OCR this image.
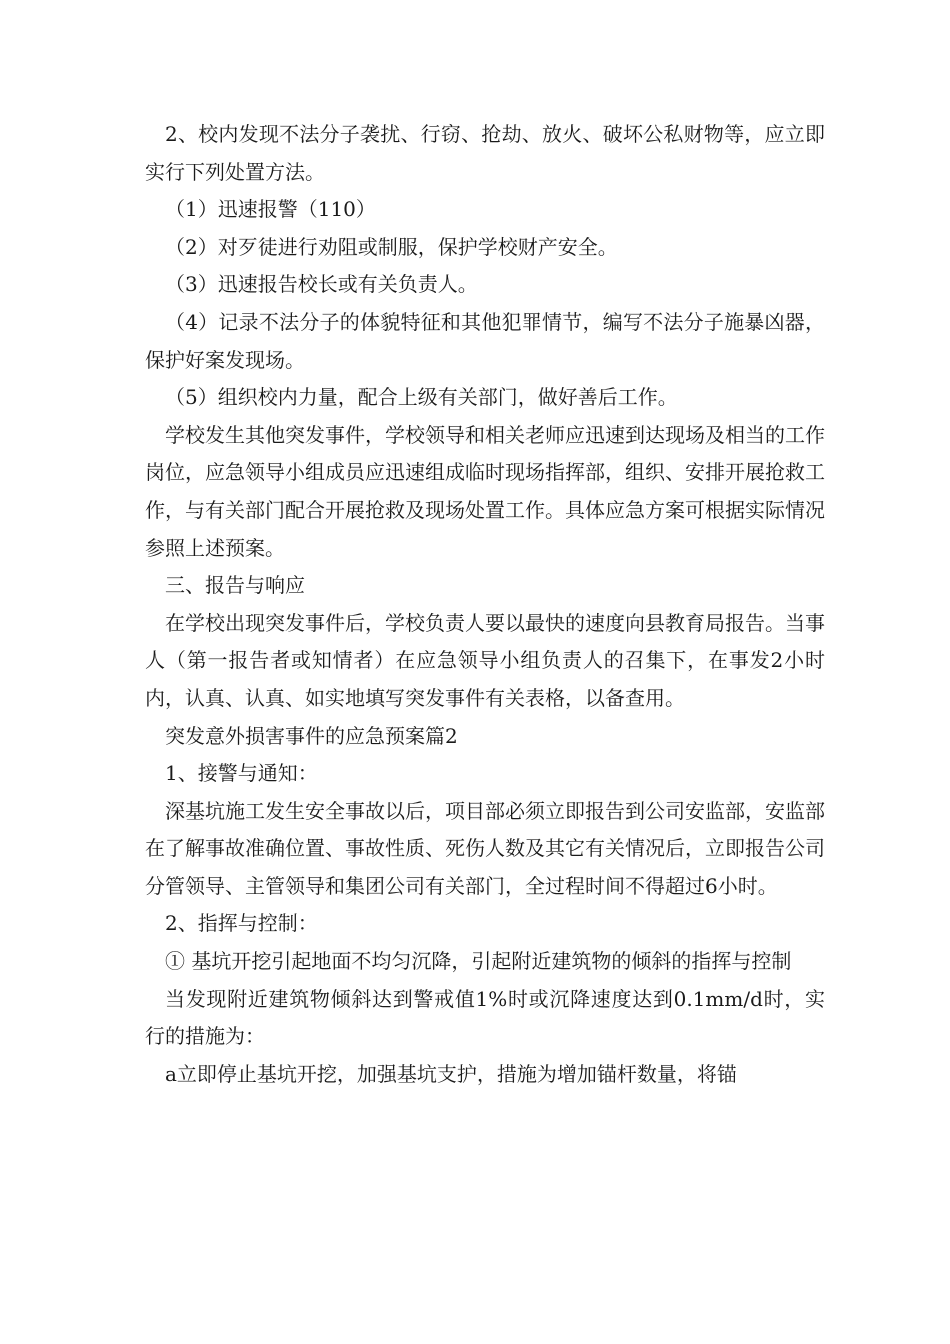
2、校内发现不法分子袭扰、行窃、抢劫、放火、破坏公私财物等，应立即实行下列处置方法。

（1）迅速报警（110）

（2）对歹徒进行劝阻或制服，保护学校财产安全。

（3）迅速报告校长或有关负责人。

（4）记录不法分子的体貌特征和其他犯罪情节，编写不法分子施暴凶器，保护好案发现场。

（5）组织校内力量，配合上级有关部门，做好善后工作。

学校发生其他突发事件，学校领导和相关老师应迅速到达现场及相当的工作岗位，应急领导小组成员应迅速组成临时现场指挥部，组织、安排开展抢救工作，与有关部门配合开展抢救及现场处置工作。具体应急方案可根据实际情况参照上述预案。

三、报告与响应

在学校出现突发事件后，学校负责人要以最快的速度向县教育局报告。当事人（第一报告者或知情者）在应急领导小组负责人的召集下，在事发2小时内，认真、认真、如实地填写突发事件有关表格，以备查用。

突发意外损害事件的应急预案篇2

1、接警与通知：

深基坑施工发生安全事故以后，项目部必须立即报告到公司安监部，安监部在了解事故准确位置、事故性质、死伤人数及其它有关情况后，立即报告公司分管领导、主管领导和集团公司有关部门，全过程时间不得超过6小时。

2、指挥与控制：

① 基坑开挖引起地面不均匀沉降，引起附近建筑物的倾斜的指挥与控制

当发现附近建筑物倾斜达到警戒值1%时或沉降速度达到0.1mm/d时，实行的措施为：

a立即停止基坑开挖，加强基坑支护，措施为增加锚杆数量，将锚
